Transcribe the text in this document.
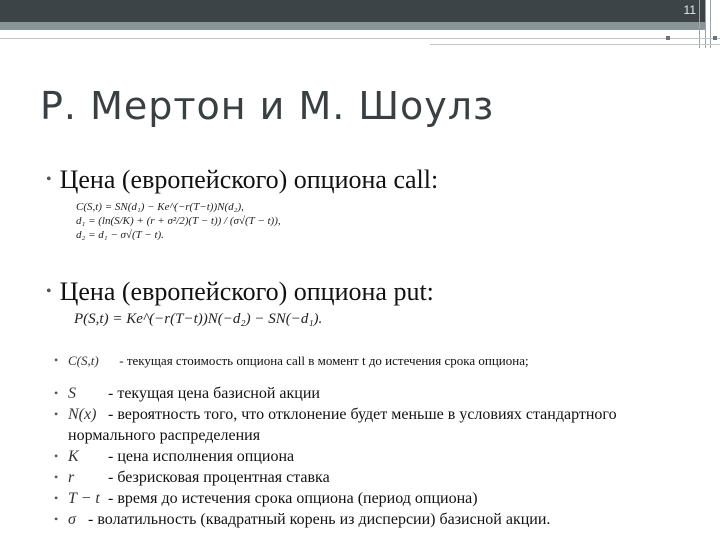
11
Р. Мертон и М. Шоулз
• Цена (европейского) опциона call:
C(S,t) = SN(d₁) − Ke^(−r(T−t))N(d₂),
d₁ = (ln(S/K) + (r + σ²/2)(T − t)) / (σ√(T − t)),
d₂ = d₁ − σ√(T − t).
• Цена (европейского) опциона put:
P(S,t) = Ke^(−r(T−t))N(−d₂) − SN(−d₁).
• C(S,t) - текущая стоимость опциона call в момент t до истечения срока опциона;
• S - текущая цена базисной акции
• N(x) - вероятность того, что отклонение будет меньше в условиях стандартного
нормального распределения
• K - цена исполнения опциона
• r - безрисковая процентная ставка
• T − t - время до истечения срока опциона (период опциона)
• σ - волатильность (квадратный корень из дисперсии) базисной акции.
